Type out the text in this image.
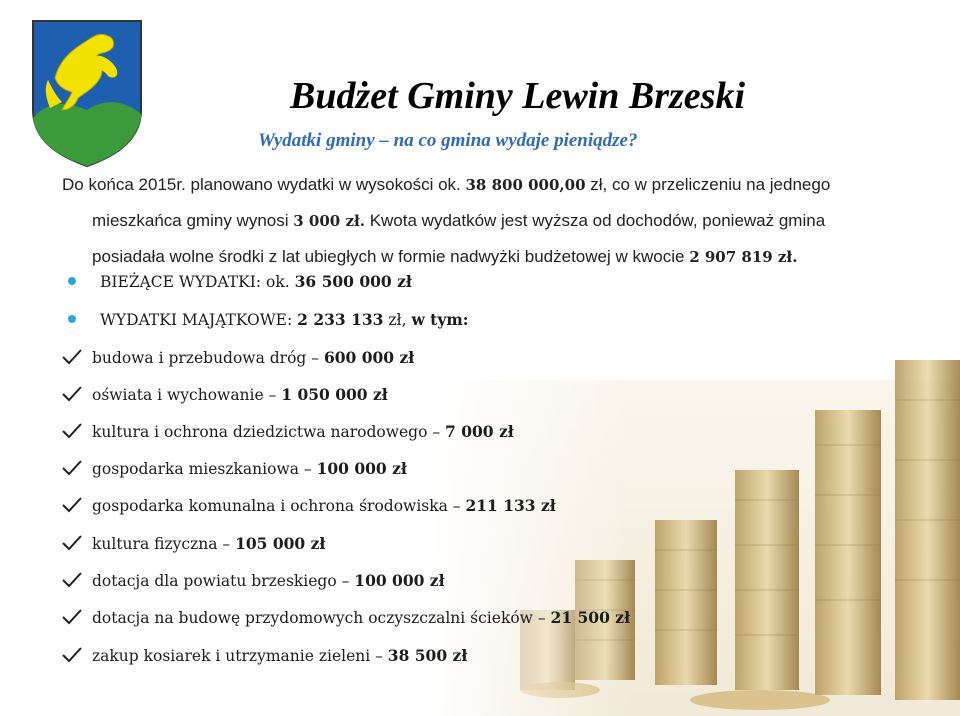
Budżet Gminy Lewin Brzeski
Wydatki gminy – na co gmina wydaje pieniądze?
Do końca 2015r. planowano wydatki w wysokości ok. 38 800 000,00 zł, co w przeliczeniu na jednego
mieszkańca gminy wynosi 3 000 zł. Kwota wydatków jest wyższa od dochodów, ponieważ gmina
posiadała wolne środki z lat ubiegłych w formie nadwyżki budżetowej w kwocie 2 907 819 zł.
BIEŻĄCE WYDATKI: ok. 36 500 000 zł
WYDATKI MAJĄTKOWE: 2 233 133 zł, w tym:
budowa i przebudowa dróg – 600 000 zł
oświata i wychowanie – 1 050 000 zł
kultura i ochrona dziedzictwa narodowego – 7 000 zł
gospodarka mieszkaniowa – 100 000 zł
gospodarka komunalna i ochrona środowiska – 211 133 zł
kultura fizyczna – 105 000 zł
dotacja dla powiatu brzeskiego – 100 000 zł
dotacja na budowę przydomowych oczyszczalni ścieków – 21 500 zł
zakup kosiarek i utrzymanie zieleni – 38 500 zł
